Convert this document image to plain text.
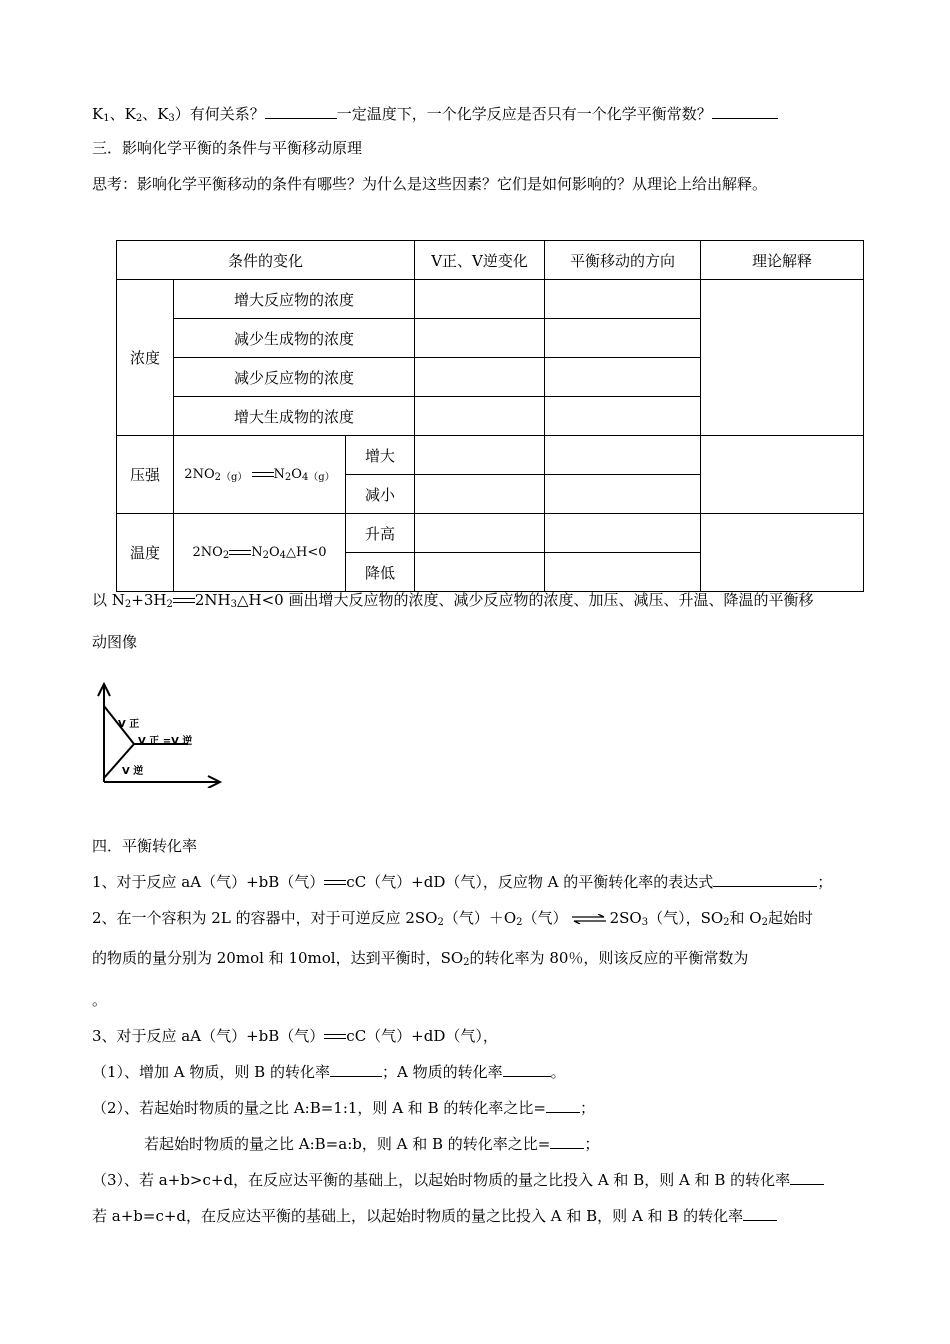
$K_1$、$K_2$、$K_3$）有何关系？	一定温度下，一个化学反应是否只有一个化学平衡常数？
三．影响化学平衡的条件与平衡移动原理
思考：影响化学平衡移动的条件有哪些？为什么是这些因素？它们是如何影响的？从理论上给出解释。
条件的变化			V正、V逆变化	平衡移动的方向	理论解释
浓度	增大反应物的浓度				
	减少生成物的浓度				
	减少反应物的浓度				
	增大生成物的浓度				
压强	$2NO_{2(g)}$ $N_2O_{4(g)}$	增大			
		减小			
温度	$2NO_2$ $N_2O_4\triangle H<0$	升高			
		降低			
以 $N_2+3H_2$ $2NH_3\triangle H<0$ 画出增大反应物的浓度、减少反应物的浓度、加压、减压、升温、降温的平衡移
动图像
V 正
V 正 =V 逆
V 逆
四．平衡转化率
1、对于反应 aA（气）+bB（气） cC（气）+dD（气），反应物 A 的平衡转化率的表达式	；
2、在一个容积为 2L 的容器中，对于可逆反应 $2SO_2$（气）$+O_2$（气） ⇌ $2SO_3$（气），$SO_2$和 $O_2$起始时
的物质的量分别为 20mol 和 10mol，达到平衡时，$SO_2$的转化率为 80％，则该反应的平衡常数为
。
3、对于反应 aA（气）+bB（气） cC（气）+dD（气），
（1）、增加 A 物质，则 B 的转化率	；A 物质的转化率	。
（2）、若起始时物质的量之比 A:B=1:1，则 A 和 B 的转化率之比= ；
若起始时物质的量之比 A:B=a:b，则 A 和 B 的转化率之比= ；
（3）、若 a+b>c+d，在反应达平衡的基础上，以起始时物质的量之比投入 A 和 B，则 A 和 B 的转化率
若 a+b=c+d，在反应达平衡的基础上，以起始时物质的量之比投入 A 和 B，则 A 和 B 的转化率
